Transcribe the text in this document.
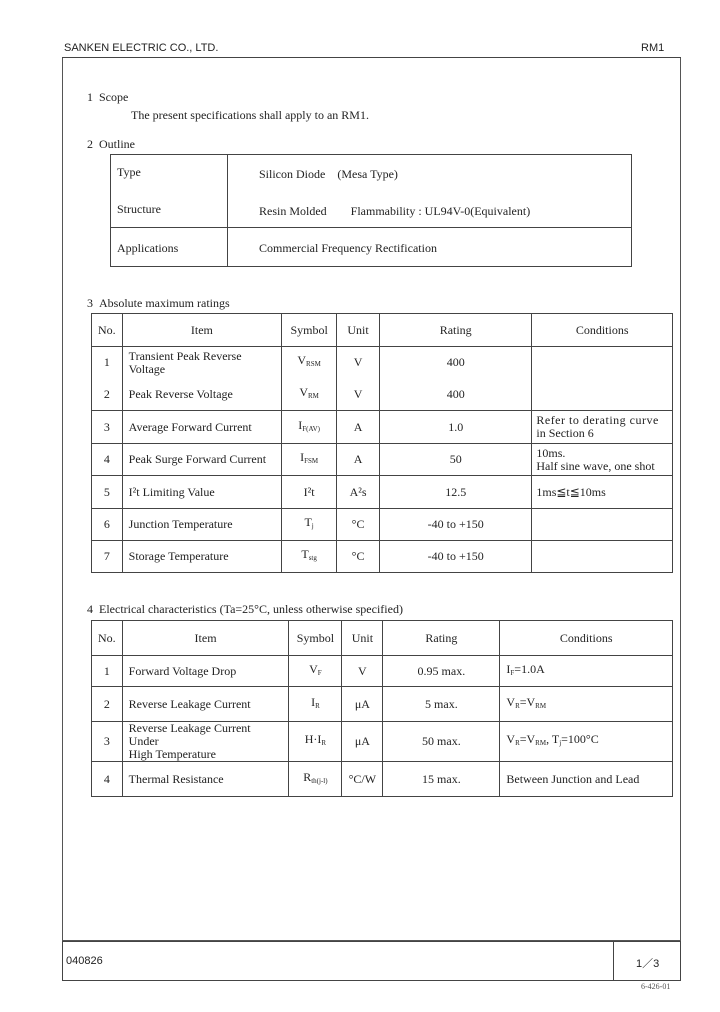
SANKEN ELECTRIC CO., LTD.	RM1
1 Scope
The present specifications shall apply to an RM1.
2 Outline
Type	Silicon Diode　(Mesa Type)
Structure	Resin Molded　　Flammability : UL94V-0(Equivalent)
Applications	Commercial Frequency Rectification
3 Absolute maximum ratings
No.	Item	Symbol	Unit	Rating	Conditions
1	Transient Peak Reverse Voltage	$V_{RSM}$	V	400	
2	Peak Reverse Voltage	$V_{RM}$	V	400	
3	Average Forward Current	$I_{F(AV)}$	A	1.0	Refer to derating curve
in Section 6

4	Peak Surge Forward Current	$I_{FSM}$	A	50	10ms.
Half sine wave, one shot

5	I²t Limiting Value	I²t	A²s	12.5	1ms≦t≦10ms
6	Junction Temperature	$T_j$	°C	-40 to +150	
7	Storage Temperature	$T_{stg}$	°C	-40 to +150	
4 Electrical characteristics (Ta=25°C, unless otherwise specified)
No.	Item	Symbol	Unit	Rating	Conditions
1	Forward Voltage Drop	$V_F$	V	0.95 max.	$I_F=1.0A$
2	Reverse Leakage Current	$I_R$	μA	5 max.	$V_R=V_{RM}$
3	Reverse Leakage Current Under
High Temperature	$H\cdot I_R$	μA	50 max.	$V_R=V_{RM}$, $T_j=100^\circ C$
4	Thermal Resistance	$R_{th(j-l)}$	°C/W	15 max.	Between Junction and Lead
040826	1／3
6-426-01
